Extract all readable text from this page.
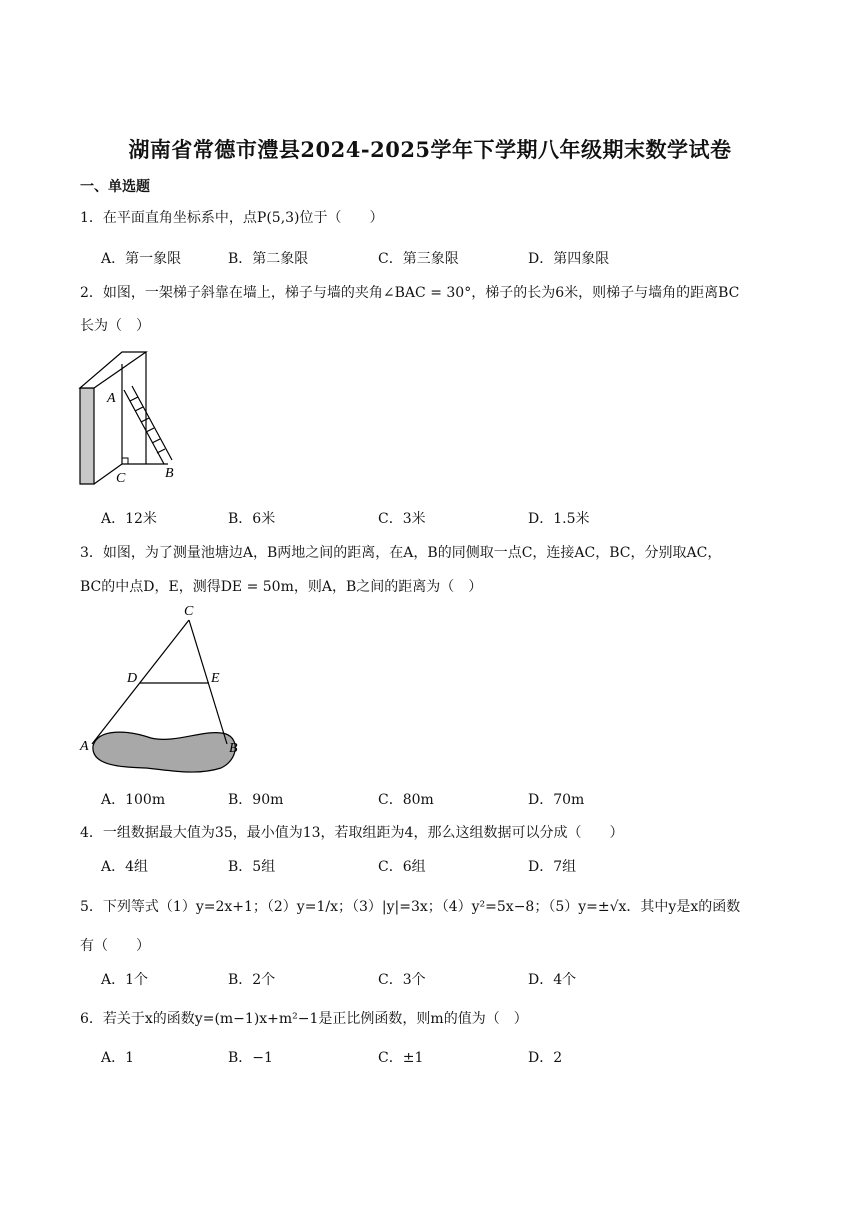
湖南省常德市澧县2024-2025学年下学期八年级期末数学试卷
一、单选题
1．在平面直角坐标系中，点P(5,3)位于（　　）
A．第一象限	B．第二象限	C．第三象限	D．第四象限
2．如图，一架梯子斜靠在墙上，梯子与墙的夹角∠BAC = 30°，梯子的长为6米，则梯子与墙角的距离BC
长为（　）
A
B
C
A．12米	B．6米	C．3米	D．1.5米
3．如图，为了测量池塘边A，B两地之间的距离，在A，B的同侧取一点C，连接AC，BC，分别取AC，
BC的中点D，E，测得DE = 50m，则A，B之间的距离为（　）
C
D	E
A	B
A．100m	B．90m	C．80m	D．70m
4．一组数据最大值为35，最小值为13，若取组距为4，那么这组数据可以分成（　　）
A．4组	B．5组	C．6组	D．7组
5．下列等式（1）y=2x+1；（2）y=1/x；（3）|y|=3x；（4）y²=5x−8；（5）y=±√x．其中y是x的函数
有（　　）
A．1个	B．2个	C．3个	D．4个
6．若关于x的函数y=(m−1)x+m²−1是正比例函数，则m的值为（　）
A．1	B．−1	C．±1	D．2
